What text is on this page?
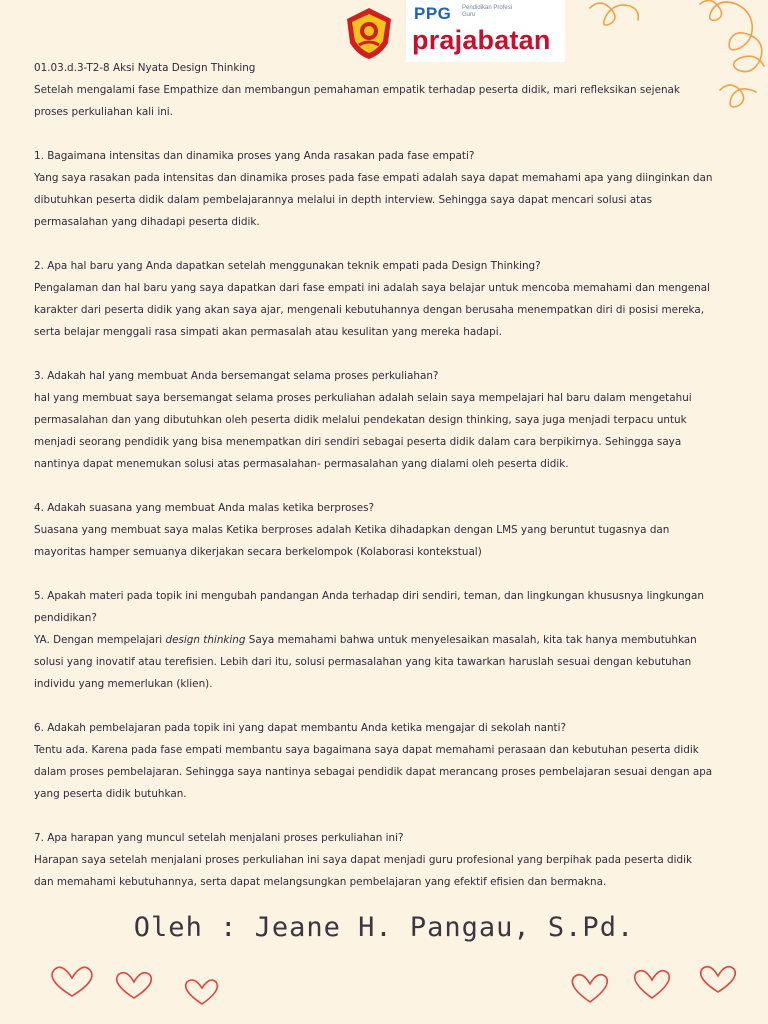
PPG Pendidikan Profesi Guru
prajabatan

01.03.d.3-T2-8 Aksi Nyata Design Thinking

Setelah mengalami fase Empathize dan membangun pemahaman empatik terhadap peserta didik, mari refleksikan sejenak

proses perkuliahan kali ini.

1. Bagaimana intensitas dan dinamika proses yang Anda rasakan pada fase empati?

Yang saya rasakan pada intensitas dan dinamika proses pada fase empati adalah saya dapat memahami apa yang diinginkan dan

dibutuhkan peserta didik dalam pembelajarannya melalui in depth interview. Sehingga saya dapat mencari solusi atas

permasalahan yang dihadapi peserta didik.

2. Apa hal baru yang Anda dapatkan setelah menggunakan teknik empati pada Design Thinking?

Pengalaman dan hal baru yang saya dapatkan dari fase empati ini adalah saya belajar untuk mencoba memahami dan mengenal

karakter dari peserta didik yang akan saya ajar, mengenali kebutuhannya dengan berusaha menempatkan diri di posisi mereka,

serta belajar menggali rasa simpati akan permasalah atau kesulitan yang mereka hadapi.

3. Adakah hal yang membuat Anda bersemangat selama proses perkuliahan?

hal yang membuat saya bersemangat selama proses perkuliahan adalah selain saya mempelajari hal baru dalam mengetahui

permasalahan dan yang dibutuhkan oleh peserta didik melalui pendekatan design thinking, saya juga menjadi terpacu untuk

menjadi seorang pendidik yang bisa menempatkan diri sendiri sebagai peserta didik dalam cara berpikirnya. Sehingga saya

nantinya dapat menemukan solusi atas permasalahan- permasalahan yang dialami oleh peserta didik.

4. Adakah suasana yang membuat Anda malas ketika berproses?

Suasana yang membuat saya malas Ketika berproses adalah Ketika dihadapkan dengan LMS yang beruntut tugasnya dan

mayoritas hamper semuanya dikerjakan secara berkelompok (Kolaborasi kontekstual)

5. Apakah materi pada topik ini mengubah pandangan Anda terhadap diri sendiri, teman, dan lingkungan khususnya lingkungan

pendidikan?

YA. Dengan mempelajari design thinking Saya memahami bahwa untuk menyelesaikan masalah, kita tak hanya membutuhkan

solusi yang inovatif atau terefisien. Lebih dari itu, solusi permasalahan yang kita tawarkan haruslah sesuai dengan kebutuhan

individu yang memerlukan (klien).

6. Adakah pembelajaran pada topik ini yang dapat membantu Anda ketika mengajar di sekolah nanti?

Tentu ada. Karena pada fase empati membantu saya bagaimana saya dapat memahami perasaan dan kebutuhan peserta didik

dalam proses pembelajaran. Sehingga saya nantinya sebagai pendidik dapat merancang proses pembelajaran sesuai dengan apa

yang peserta didik butuhkan.

7. Apa harapan yang muncul setelah menjalani proses perkuliahan ini?

Harapan saya setelah menjalani proses perkuliahan ini saya dapat menjadi guru profesional yang berpihak pada peserta didik

dan memahami kebutuhannya, serta dapat melangsungkan pembelajaran yang efektif efisien dan bermakna.

Oleh : Jeane H. Pangau, S.Pd.
